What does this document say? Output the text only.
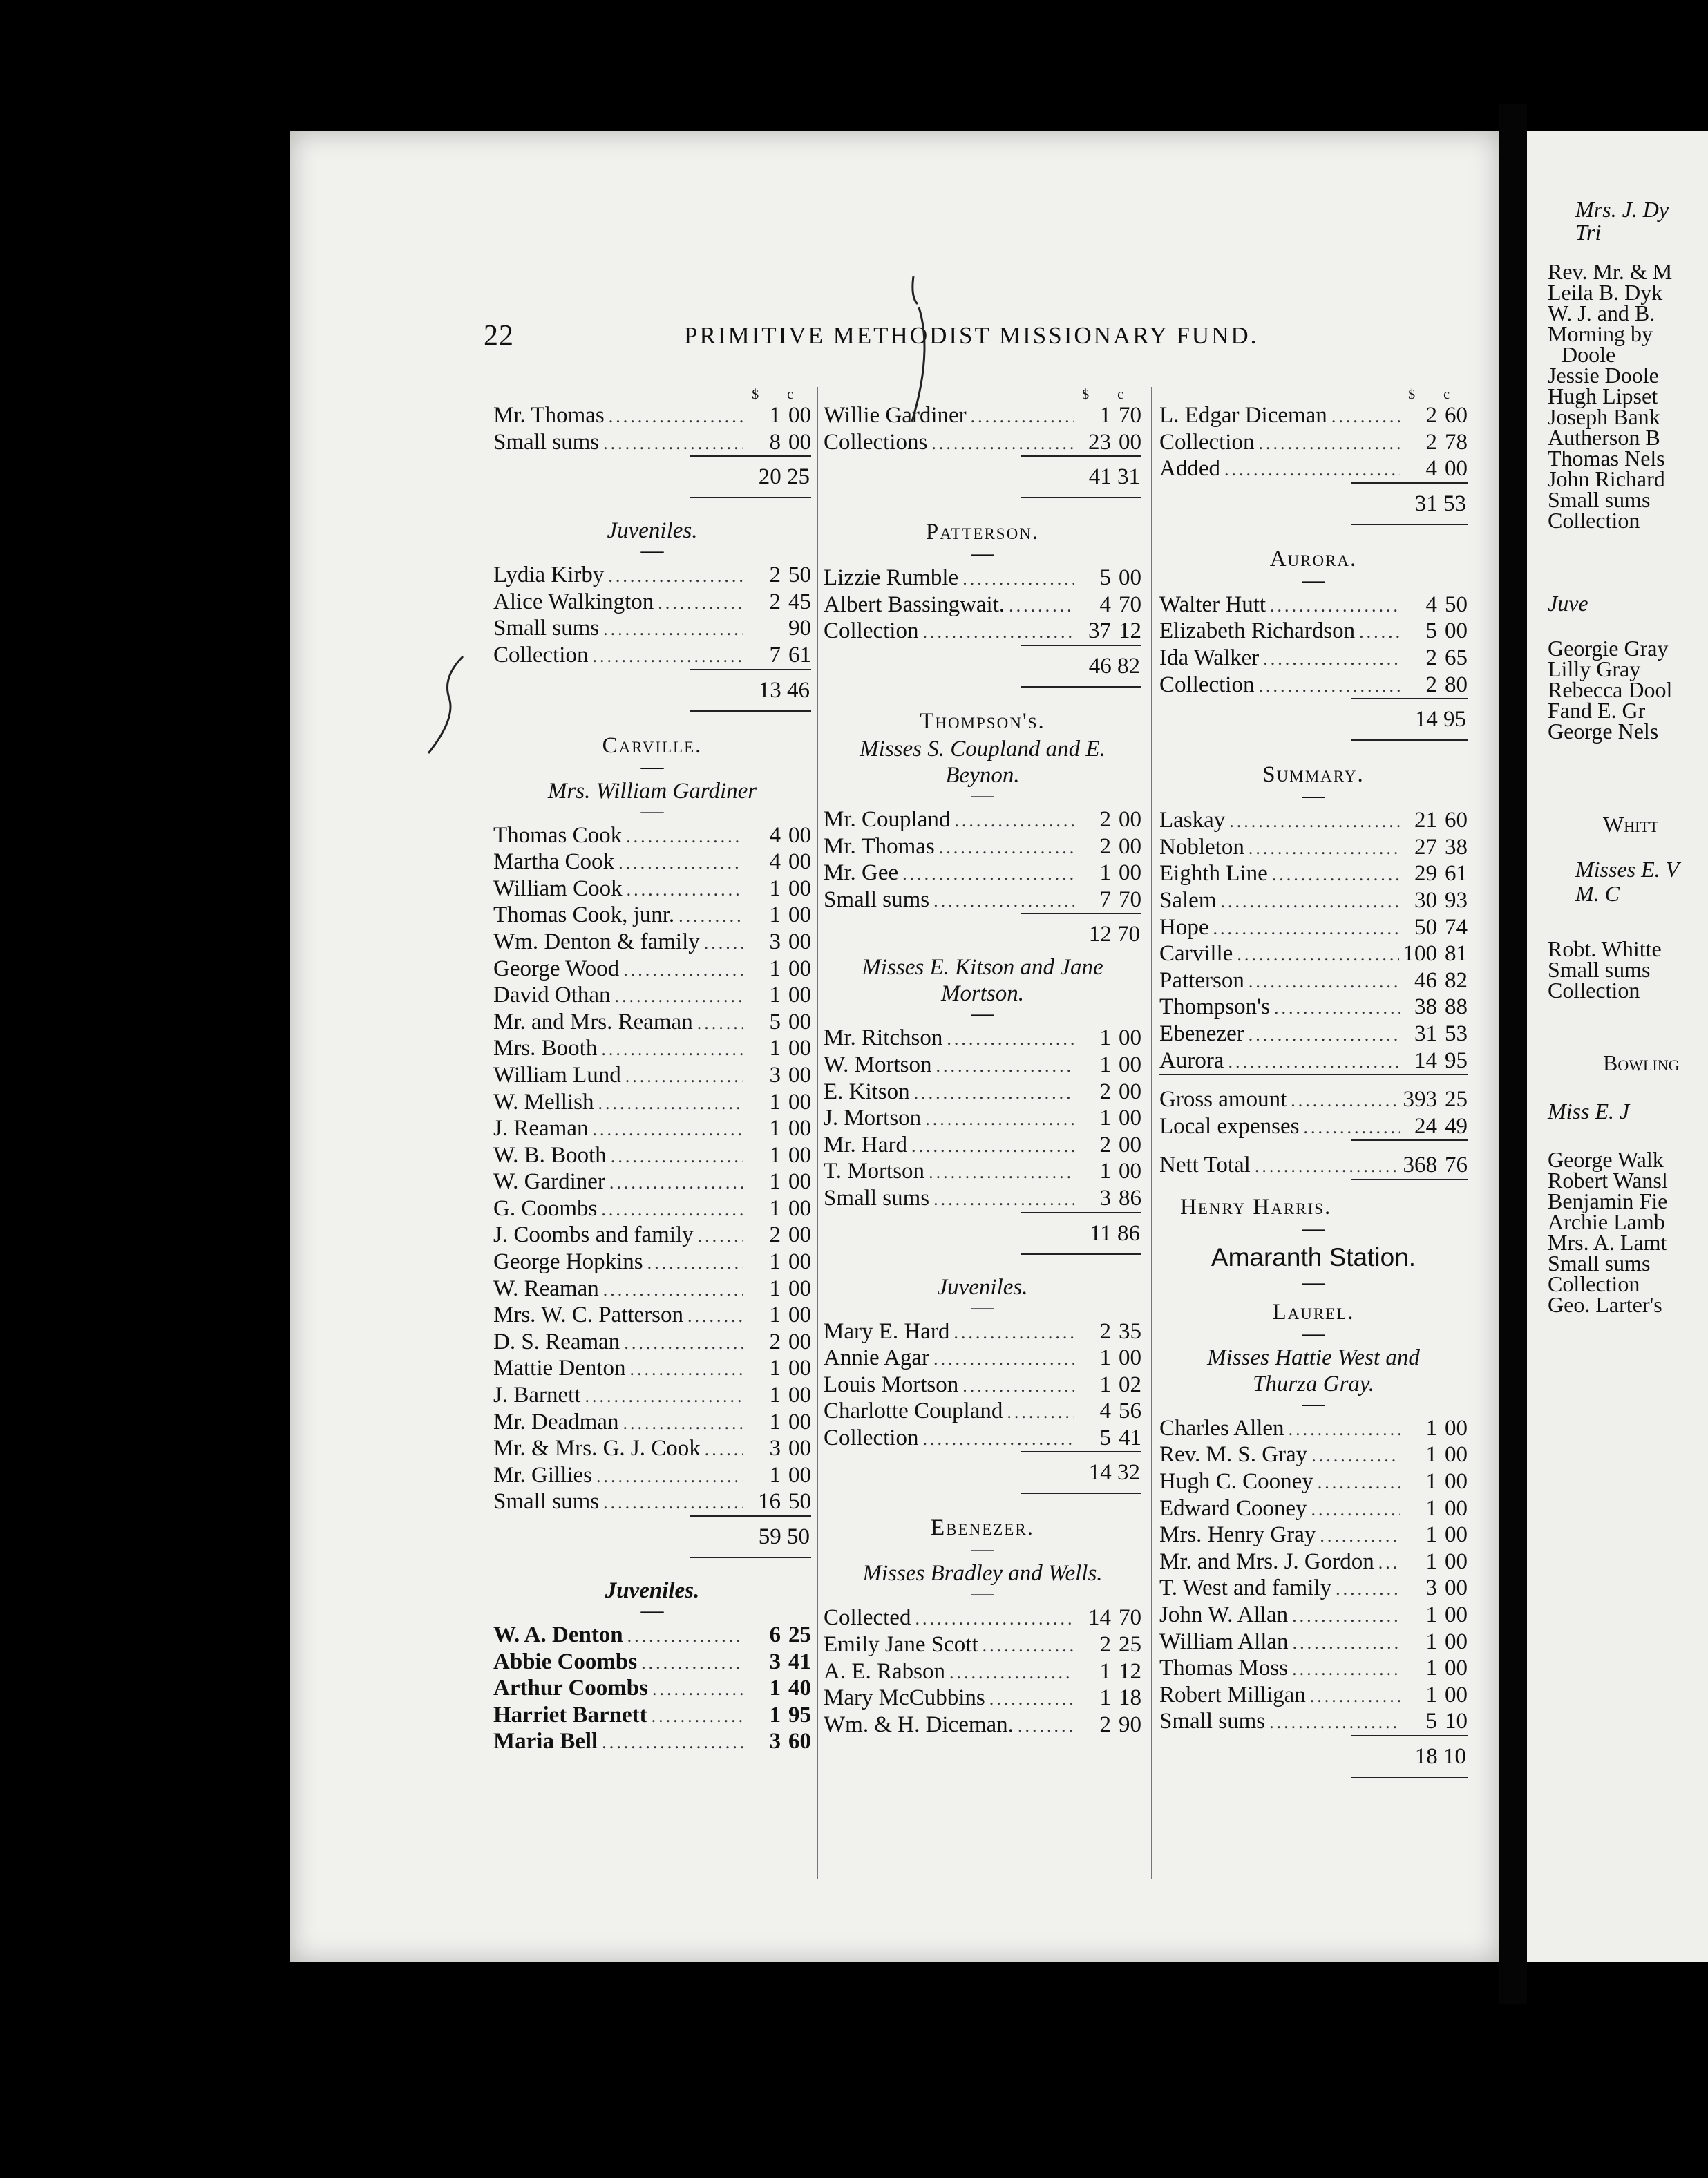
Mrs. J. Dy
Tri
Rev. Mr. & M
Leila B. Dyk
W. J. and B.
Morning by
Doole
Jessie Doole
Hugh Lipset
Joseph Bank
Autherson B
Thomas Nels
John Richard
Small sums
Collection
Juve
Georgie Gray
Lilly Gray
Rebecca Dool
Fand E. Gr
George Nels
Whitt
Misses E. V
M. C
Robt. Whitte
Small sums
Collection
Bowling
Miss E. J
George Walk
Robert Wansl
Benjamin Fie
Archie Lamb
Mrs. A. Lamt
Small sums
Collection
Geo. Larter's
22	PRIMITIVE METHODIST MISSIONARY FUND.
$ c
Mr. Thomas .....	1 00
Small sums .....	8 00
20 25
Juveniles.
—
Lydia Kirby .....	2 50
Alice Walkington .....	2 45
Small sums .....	90
Collection .....	7 61
13 46
Carville.
—
Mrs. William Gardiner
—
Thomas Cook .....	4 00
Martha Cook .....	4 00
William Cook .....	1 00
Thomas Cook, junr. .....	1 00
Wm. Denton & family .....	3 00
George Wood .....	1 00
David Othan .....	1 00
Mr. and Mrs. Reaman .....	5 00
Mrs. Booth .....	1 00
William Lund .....	3 00
W. Mellish .....	1 00
J. Reaman .....	1 00
W. B. Booth .....	1 00
W. Gardiner .....	1 00
G. Coombs .....	1 00
J. Coombs and family .....	2 00
George Hopkins .....	1 00
W. Reaman .....	1 00
Mrs. W. C. Patterson .....	1 00
D. S. Reaman .....	2 00
Mattie Denton .....	1 00
J. Barnett .....	1 00
Mr. Deadman .....	1 00
Mr. & Mrs. G. J. Cook .....	3 00
Mr. Gillies .....	1 00
Small sums .....	16 50
59 50
Juveniles.
—
W. A. Denton .....	6 25
Abbie Coombs .....	3 41
Arthur Coombs .....	1 40
Harriet Barnett .....	1 95
Maria Bell .....	3 60
$ c
Willie Gardiner .....	1 70
Collections .....	23 00
41 31
Patterson.
—
Lizzie Rumble .....	5 00
Albert Bassingwait. .....	4 70
Collection .....	37 12
46 82
Thompson's.
Misses S. Coupland and E.
Beynon.
—
Mr. Coupland .....	2 00
Mr. Thomas .....	2 00
Mr. Gee .....	1 00
Small sums .....	7 70
12 70
Misses E. Kitson and Jane
Mortson.
—
Mr. Ritchson .....	1 00
W. Mortson .....	1 00
E. Kitson .....	2 00
J. Mortson .....	1 00
Mr. Hard .....	2 00
T. Mortson .....	1 00
Small sums .....	3 86
11 86
Juveniles.
—
Mary E. Hard .....	2 35
Annie Agar .....	1 00
Louis Mortson .....	1 02
Charlotte Coupland .....	4 56
Collection .....	5 41
14 32
Ebenezer.
—
Misses Bradley and Wells.
—
Collected .....	14 70
Emily Jane Scott .....	2 25
A. E. Rabson .....	1 12
Mary McCubbins .....	1 18
Wm. & H. Diceman. .....	2 90
$ c
L. Edgar Diceman .....	2 60
Collection .....	2 78
Added .....	4 00
31 53
Aurora.
—
Walter Hutt .....	4 50
Elizabeth Richardson .....	5 00
Ida Walker .....	2 65
Collection .....	2 80
14 95
Summary.
—
Laskay .....	21 60
Nobleton .....	27 38
Eighth Line .....	29 61
Salem .....	30 93
Hope .....	50 74
Carville .....	100 81
Patterson .....	46 82
Thompson's .....	38 88
Ebenezer .....	31 53
Aurora .....	14 95
Gross amount .....	393 25
Local expenses .....	24 49
Nett Total .....	368 76
Henry Harris.
—
Amaranth Station.
—
Laurel.
—
Misses Hattie West and
Thurza Gray.
—
Charles Allen .....	1 00
Rev. M. S. Gray .....	1 00
Hugh C. Cooney .....	1 00
Edward Cooney .....	1 00
Mrs. Henry Gray .....	1 00
Mr. and Mrs. J. Gordon .....	1 00
T. West and family .....	3 00
John W. Allan .....	1 00
William Allan .....	1 00
Thomas Moss .....	1 00
Robert Milligan .....	1 00
Small sums .....	5 10
18 10
